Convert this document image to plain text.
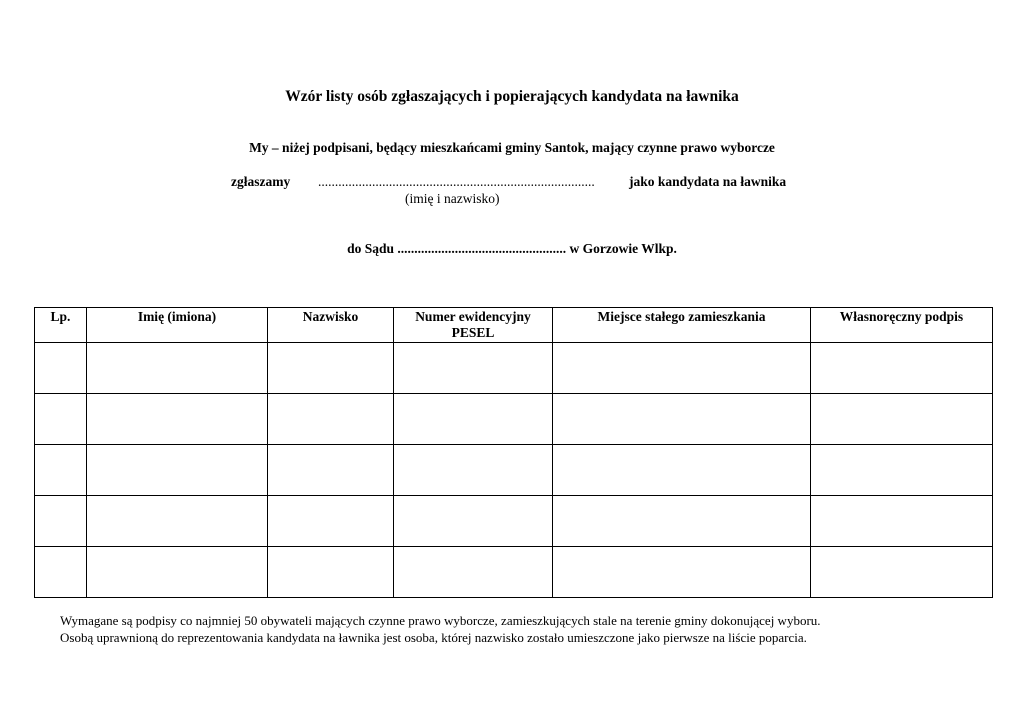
Wzór listy osób zgłaszających i popierających kandydata na ławnika
My – niżej podpisani, będący mieszkańcami gminy Santok, mający czynne prawo wyborcze
zgłaszamy ..................................................................................	jako kandydata na ławnika
(imię i nazwisko)
do Sądu .................................................. w Gorzowie Wlkp.
Lp.	Imię (imiona)	Nazwisko	Numer ewidencyjny PESEL	Miejsce stałego zamieszkania	Własnoręczny podpis

Wymagane są podpisy co najmniej 50 obywateli mających czynne prawo wyborcze, zamieszkujących stale na terenie gminy dokonującej wyboru.

Osobą uprawnioną do reprezentowania kandydata na ławnika jest osoba, której nazwisko zostało umieszczone jako pierwsze na liście poparcia.
